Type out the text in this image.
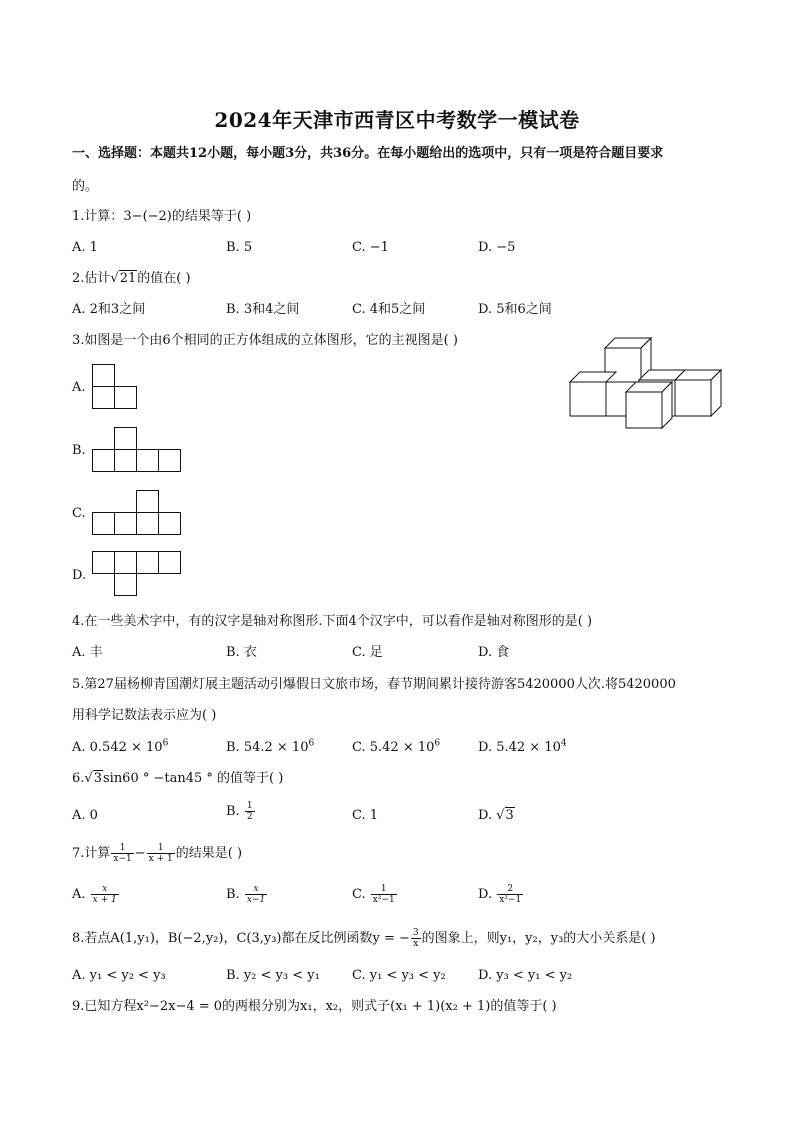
2024年天津市西青区中考数学一模试卷
一、选择题：本题共12小题，每小题3分，共36分。在每小题给出的选项中，只有一项是符合题目要求
的。
1.计算：3−(−2)的结果等于( )
A. 1	B. 5	C. −1	D. −5
2.估计√21的值在( )
A. 2和3之间	B. 3和4之间	C. 4和5之间	D. 5和6之间
3.如图是一个由6个相同的正方体组成的立体图形，它的主视图是( )
A.
B.
C.
D.
4.在一些美术字中，有的汉字是轴对称图形.下面4个汉字中，可以看作是轴对称图形的是( )
A. 丰	B. 衣	C. 足	D. 食
5.第27届杨柳青国潮灯展主题活动引爆假日文旅市场，春节期间累计接待游客5420000人次.将5420000
用科学记数法表示应为( )
A. $0.542 \times 10^6$	B. $54.2 \times 10^6$	C. $5.42 \times 10^6$	D. $5.42 \times 10^4$
6.√3sin60 ° −tan45 ° 的值等于( )
A. 0	B. $\frac{1}{2}$	C. 1	D. √3
7.计算 $\frac{1}{x-1} - \frac{1}{x + 1}$ 的结果是( )
A. $\frac{x}{x + 1}$	B. $\frac{x}{x-1}$	C. $\frac{1}{\text{x²−1}}$	D. $\frac{2}{\text{x²−1}}$
8.若点A(1,y₁)，B(−2,y₂)，C(3,y₃)都在反比例函数y = − $\frac{3}{x}$ 的图象上，则y₁，y₂，y₃的大小关系是( )
A. y₁ < y₂ < y₃	B. y₂ < y₃ < y₁ C. y₁ < y₃ < y₂ D. y₃ < y₁ < y₂
9.已知方程x²−2x−4 = 0的两根分别为x₁，x₂，则式子(x₁ + 1)(x₂ + 1)的值等于( )
